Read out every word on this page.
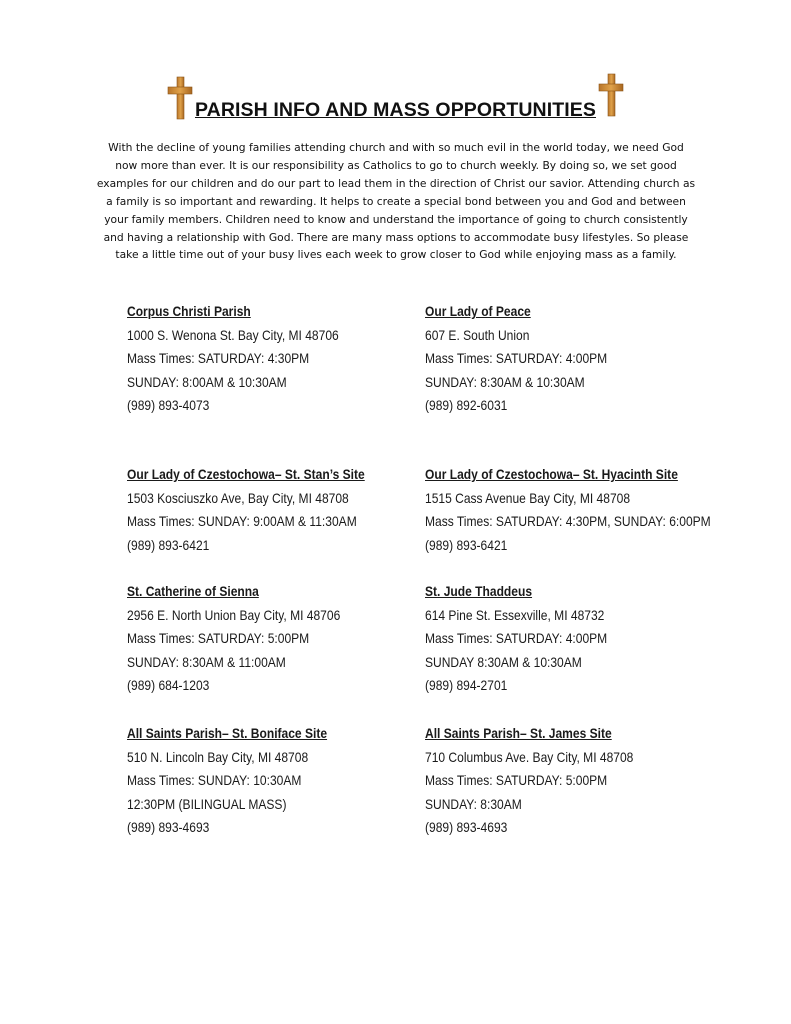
PARISH INFO AND MASS OPPORTUNITIES
With the decline of young families attending church and with so much evil in the world today, we need God now more than ever. It is our responsibility as Catholics to go to church weekly. By doing so, we set good examples for our children and do our part to lead them in the direction of Christ our savior. Attending church as a family is so important and rewarding. It helps to create a special bond between you and God and between your family members. Children need to know and understand the importance of going to church consistently and having a relationship with God. There are many mass options to accommodate busy lifestyles. So please take a little time out of your busy lives each week to grow closer to God while enjoying mass as a family.
Corpus Christi Parish
1000 S. Wenona St. Bay City, MI 48706
Mass Times: SATURDAY: 4:30PM
SUNDAY: 8:00AM & 10:30AM
(989) 893-4073
Our Lady of Peace
607 E. South Union
Mass Times: SATURDAY: 4:00PM
SUNDAY: 8:30AM & 10:30AM
(989) 892-6031
Our Lady of Czestochowa– St. Stan’s Site
1503 Kosciuszko Ave, Bay City, MI 48708
Mass Times: SUNDAY: 9:00AM & 11:30AM
(989) 893-6421
Our Lady of Czestochowa– St. Hyacinth Site
1515 Cass Avenue Bay City, MI 48708
Mass Times: SATURDAY: 4:30PM, SUNDAY: 6:00PM
(989) 893-6421
St. Catherine of Sienna
2956 E. North Union Bay City, MI 48706
Mass Times: SATURDAY: 5:00PM
SUNDAY: 8:30AM & 11:00AM
(989) 684-1203
St. Jude Thaddeus
614 Pine St. Essexville, MI 48732
Mass Times: SATURDAY: 4:00PM
SUNDAY 8:30AM & 10:30AM
(989) 894-2701
All Saints Parish– St. Boniface Site
510 N. Lincoln Bay City, MI 48708
Mass Times: SUNDAY: 10:30AM
12:30PM (BILINGUAL MASS)
(989) 893-4693
All Saints Parish– St. James Site
710 Columbus Ave. Bay City, MI 48708
Mass Times: SATURDAY: 5:00PM
SUNDAY: 8:30AM
(989) 893-4693
